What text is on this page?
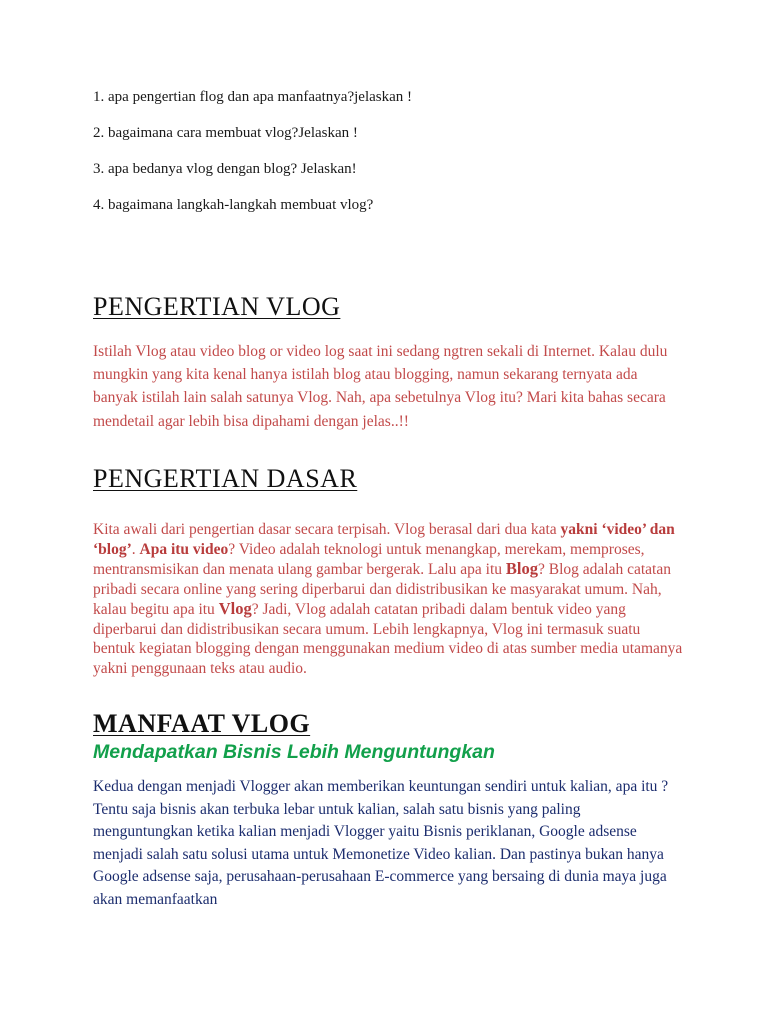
1. apa pengertian flog dan apa manfaatnya?jelaskan !
2. bagaimana cara membuat vlog?Jelaskan !
3. apa bedanya vlog dengan blog? Jelaskan!
4. bagaimana langkah-langkah membuat vlog?
PENGERTIAN VLOG

Istilah Vlog atau video blog or video log saat ini sedang ngtren sekali di Internet. Kalau dulu mungkin yang kita kenal hanya istilah blog atau blogging, namun sekarang ternyata ada banyak istilah lain salah satunya Vlog. Nah, apa sebetulnya Vlog itu? Mari kita bahas secara mendetail agar lebih bisa dipahami dengan jelas..!!

PENGERTIAN DASAR

Kita awali dari pengertian dasar secara terpisah. Vlog berasal dari dua kata yakni ‘video’ dan ‘blog’. Apa itu video? Video adalah teknologi untuk menangkap, merekam, memproses, mentransmisikan dan menata ulang gambar bergerak. Lalu apa itu Blog? Blog adalah catatan pribadi secara online yang sering diperbarui dan didistribusikan ke masyarakat umum. Nah, kalau begitu apa itu Vlog? Jadi, Vlog adalah catatan pribadi dalam bentuk video yang diperbarui dan didistribusikan secara umum. Lebih lengkapnya, Vlog ini termasuk suatu bentuk kegiatan blogging dengan menggunakan medium video di atas sumber media utamanya yakni penggunaan teks atau audio.

MANFAAT VLOG
Mendapatkan Bisnis Lebih Menguntungkan

Kedua dengan menjadi Vlogger akan memberikan keuntungan sendiri untuk kalian, apa itu ? Tentu saja bisnis akan terbuka lebar untuk kalian, salah satu bisnis yang paling menguntungkan ketika kalian menjadi Vlogger yaitu Bisnis periklanan, Google adsense menjadi salah satu solusi utama untuk Memonetize Video kalian. Dan pastinya bukan hanya Google adsense saja, perusahaan-perusahaan E-commerce yang bersaing di dunia maya juga akan memanfaatkan
